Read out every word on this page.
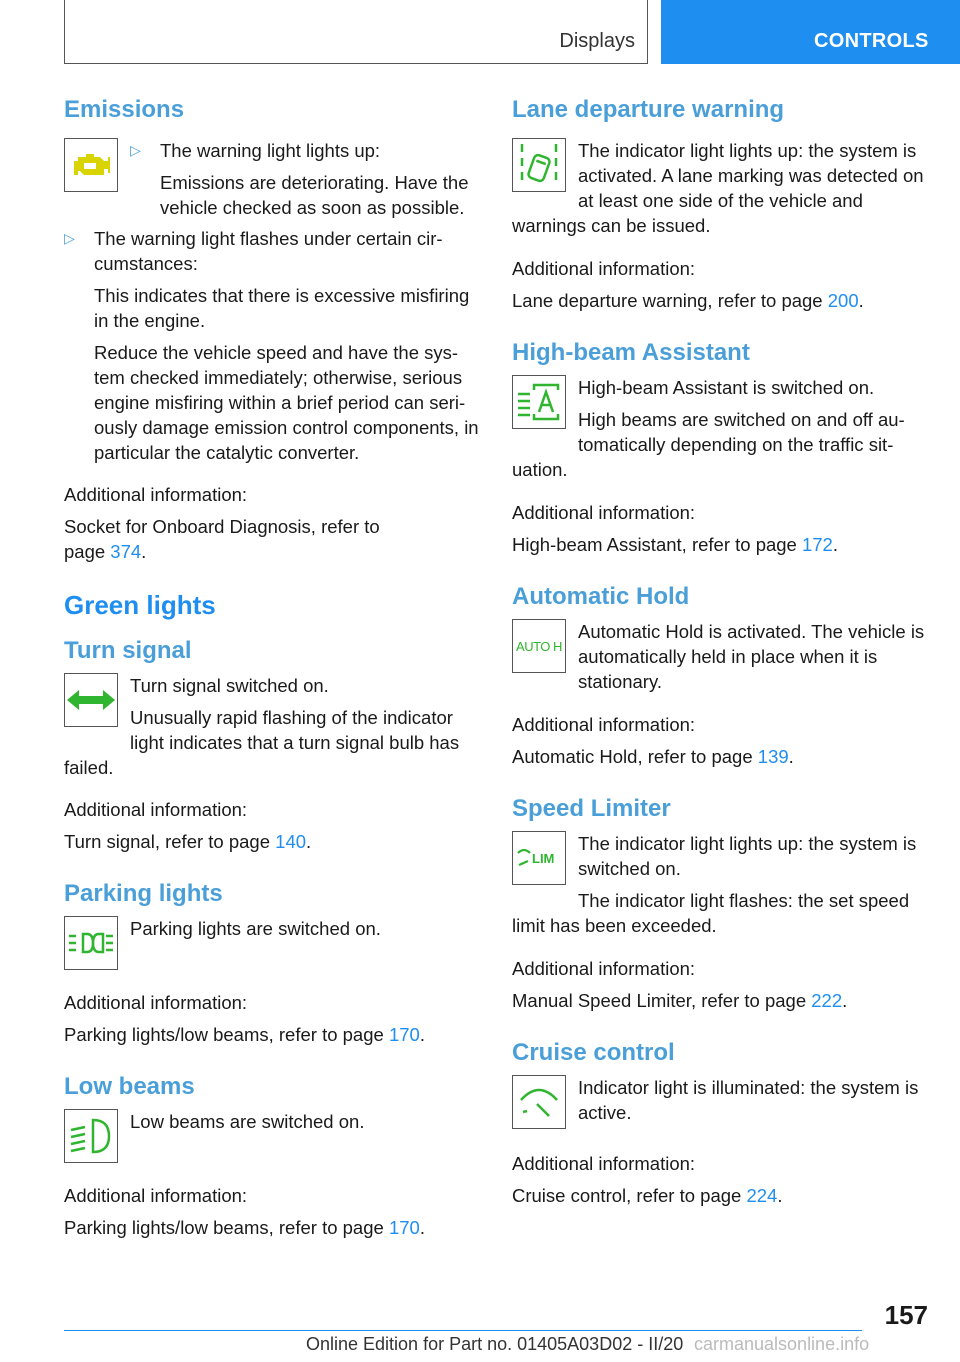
Displays	CONTROLS
Emissions
▷	The warning light lights up:

Emissions are deteriorating. Have the vehicle checked as soon as possible.

▷	The warning light flashes under certain cir-cumstances:

This indicates that there is excessive misfiring in the engine.

Reduce the vehicle speed and have the sys-tem checked immediately; otherwise, serious engine misfiring within a brief period can seri-ously damage emission control components, in particular the catalytic converter.

Additional information:

Socket for Onboard Diagnosis, refer to page 374.

Green lights
Turn signal

Turn signal switched on.

Unusually rapid flashing of the indicator light indicates that a turn signal bulb has failed.

Additional information:

Turn signal, refer to page 140.

Parking lights

Parking lights are switched on.

Additional information:

Parking lights/low beams, refer to page 170.

Low beams

Low beams are switched on.

Additional information:

Parking lights/low beams, refer to page 170.

Lane departure warning

The indicator light lights up: the system is activated. A lane marking was detected on at least one side of the vehicle and warnings can be issued.

Additional information:

Lane departure warning, refer to page 200.

High-beam Assistant

High-beam Assistant is switched on.

High beams are switched on and off au-tomatically depending on the traffic sit-uation.

Additional information:

High-beam Assistant, refer to page 172.

Automatic Hold
AUTO H

Automatic Hold is activated. The vehicle is automatically held in place when it is stationary.

Additional information:

Automatic Hold, refer to page 139.

Speed Limiter
LIM

The indicator light lights up: the system is switched on.

The indicator light flashes: the set speed limit has been exceeded.

Additional information:

Manual Speed Limiter, refer to page 222.

Cruise control

Indicator light is illuminated: the system is active.

Additional information:

Cruise control, refer to page 224.

157
Online Edition for Part no. 01405A03D02 - II/20 carmanualsonline.info
